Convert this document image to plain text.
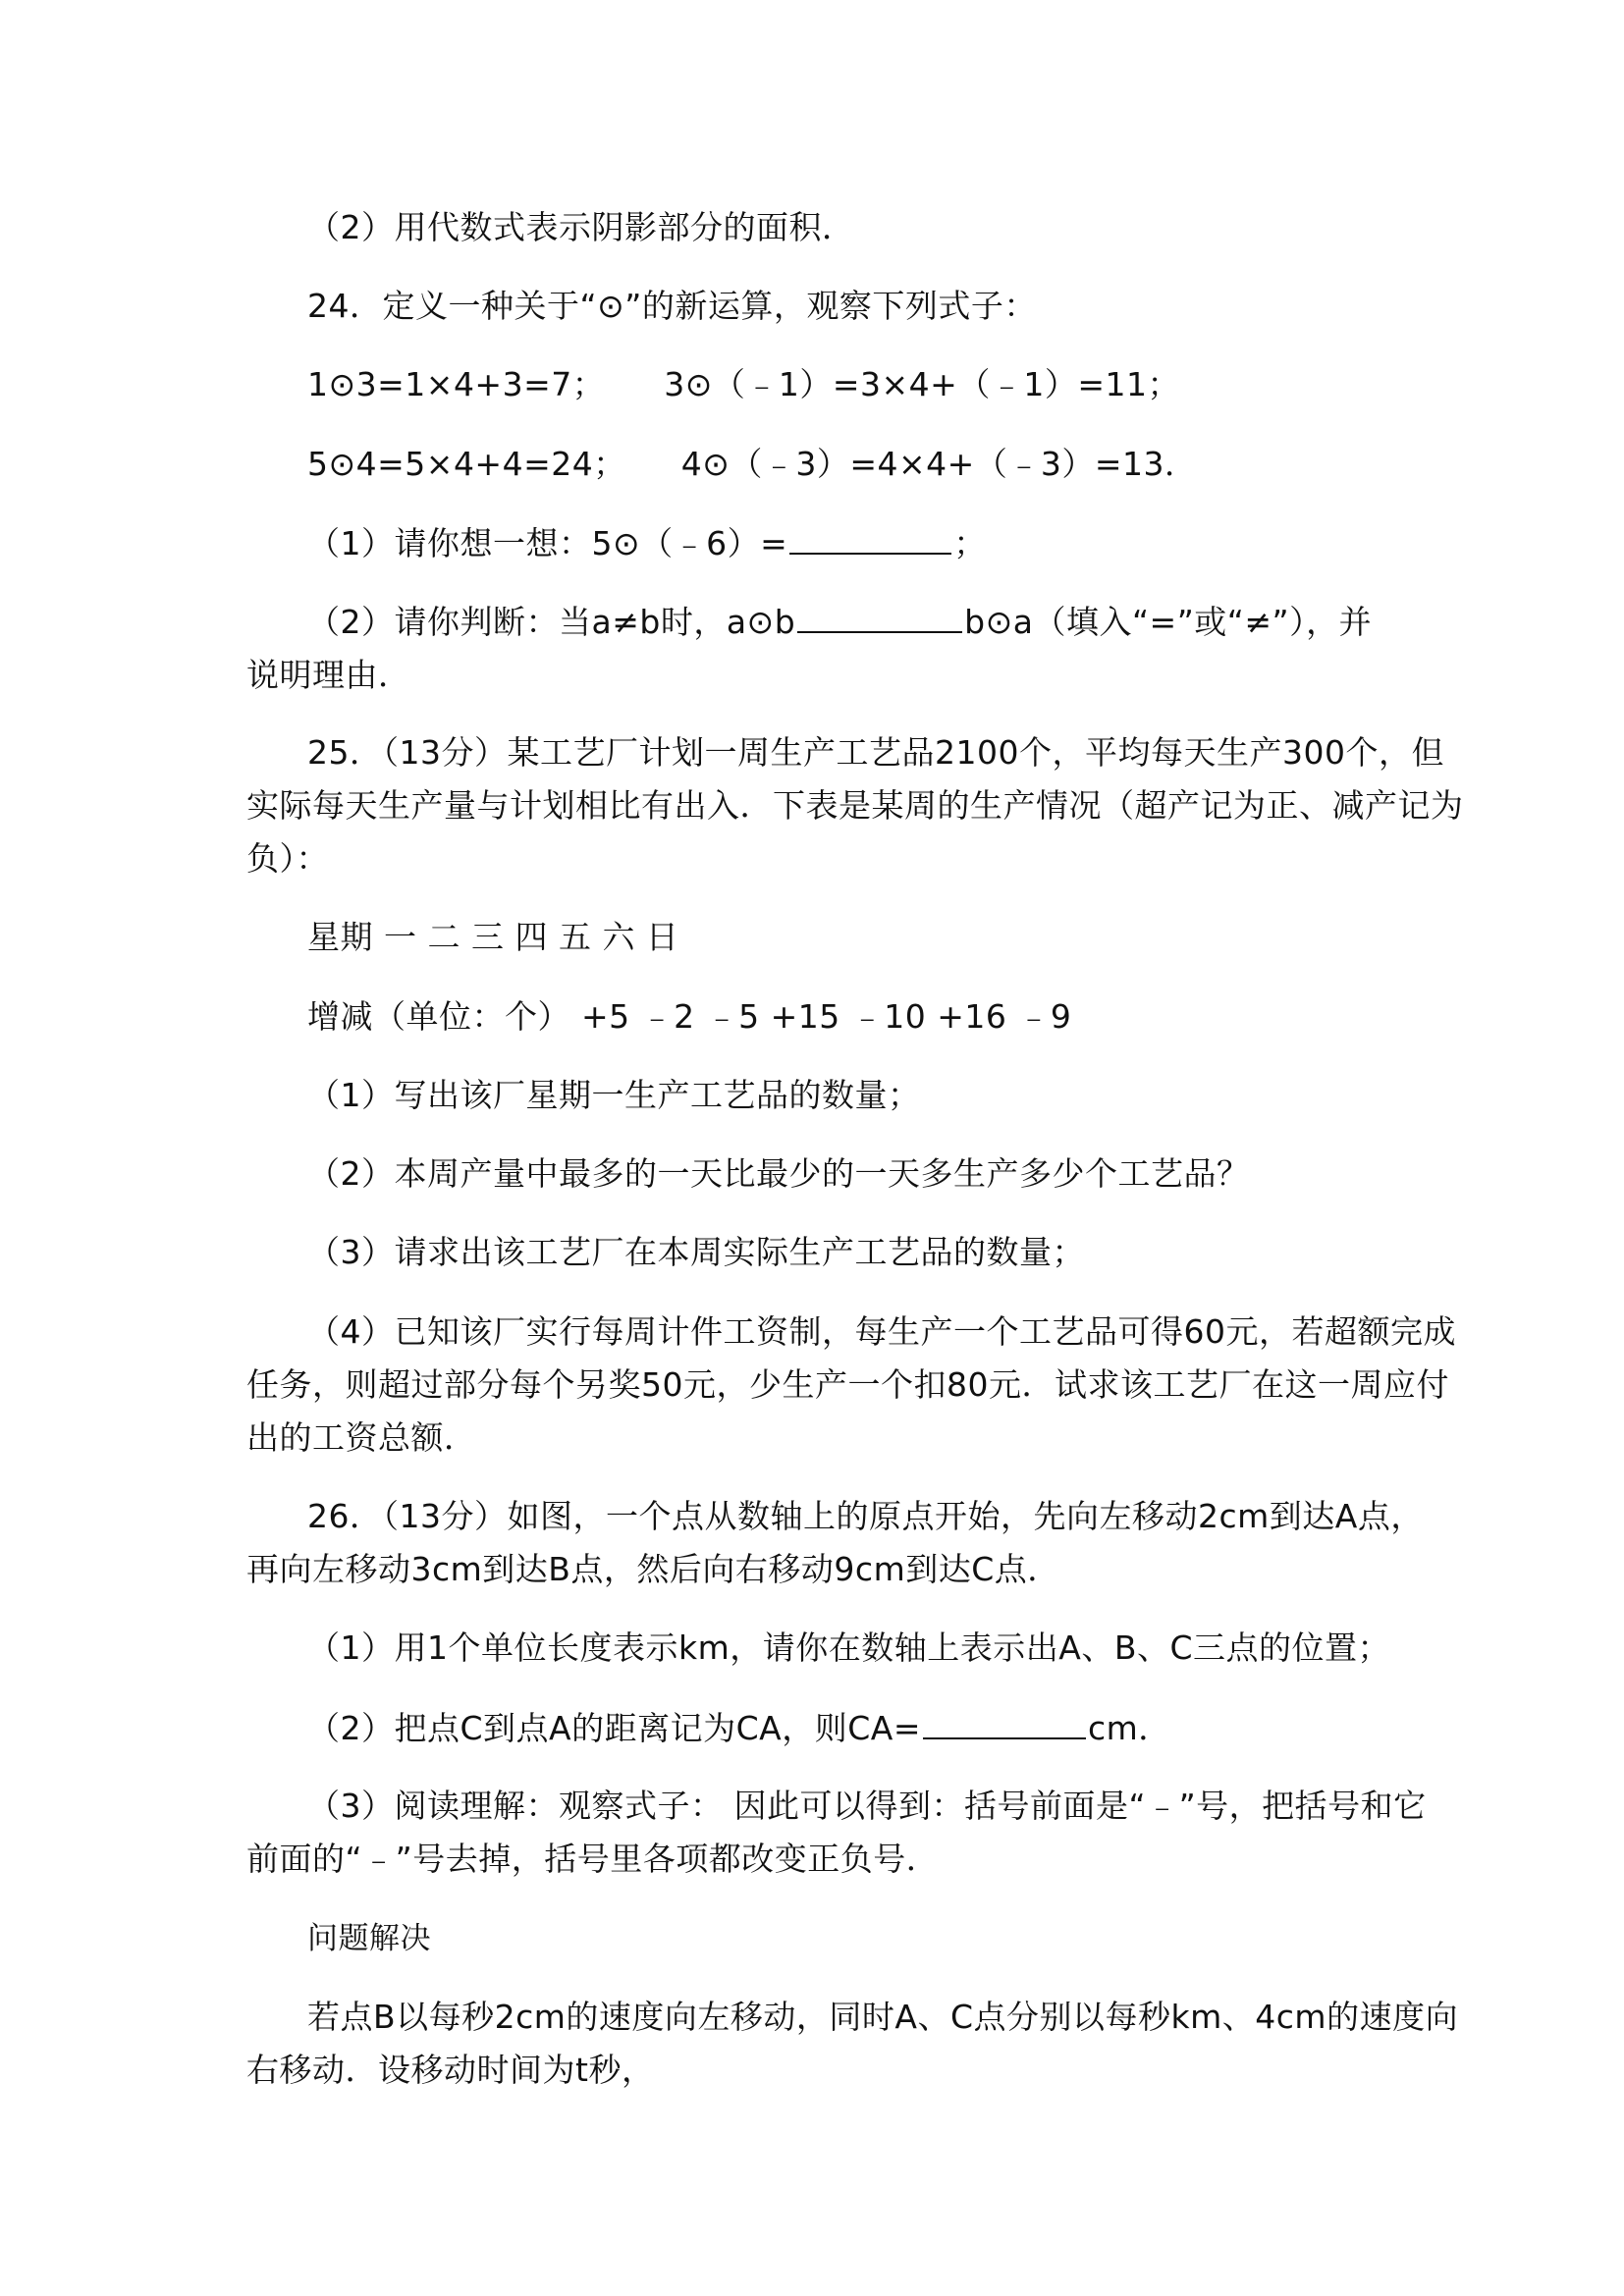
（2）用代数式表示阴影部分的面积．
24．定义一种关于“⊙”的新运算，观察下列式子：
1⊙3=1×4+3=7； 3⊙（﹣1）=3×4+（﹣1）=11；
5⊙4=5×4+4=24； 4⊙（﹣3）=4×4+（﹣3）=13．
（1）请你想一想：5⊙（﹣6）=	；
（2）请你判断：当a≠b时，a⊙b	b⊙a（填入“=”或“≠”），并
说明理由．
25．（13分）某工艺厂计划一周生产工艺品2100个，平均每天生产300个，但
实际每天生产量与计划相比有出入．下表是某周的生产情况（超产记为正、减产记为
负）：
星期 一 二 三 四 五 六 日
增减（单位：个） +5 ﹣2 ﹣5 +15 ﹣10 +16 ﹣9
（1）写出该厂星期一生产工艺品的数量；
（2）本周产量中最多的一天比最少的一天多生产多少个工艺品？
（3）请求出该工艺厂在本周实际生产工艺品的数量；
（4）已知该厂实行每周计件工资制，每生产一个工艺品可得60元，若超额完成
任务，则超过部分每个另奖50元，少生产一个扣80元．试求该工艺厂在这一周应付
出的工资总额．
26．（13分）如图，一个点从数轴上的原点开始，先向左移动2cm到达A点，
再向左移动3cm到达B点，然后向右移动9cm到达C点．
（1）用1个单位长度表示km，请你在数轴上表示出A、B、C三点的位置；
（2）把点C到点A的距离记为CA，则CA=	cm．
（3）阅读理解：观察式子： 因此可以得到：括号前面是“﹣”号，把括号和它
前面的“﹣”号去掉，括号里各项都改变正负号．
问题解决
若点B以每秒2cm的速度向左移动，同时A、C点分别以每秒km、4cm的速度向
右移动．设移动时间为t秒，
